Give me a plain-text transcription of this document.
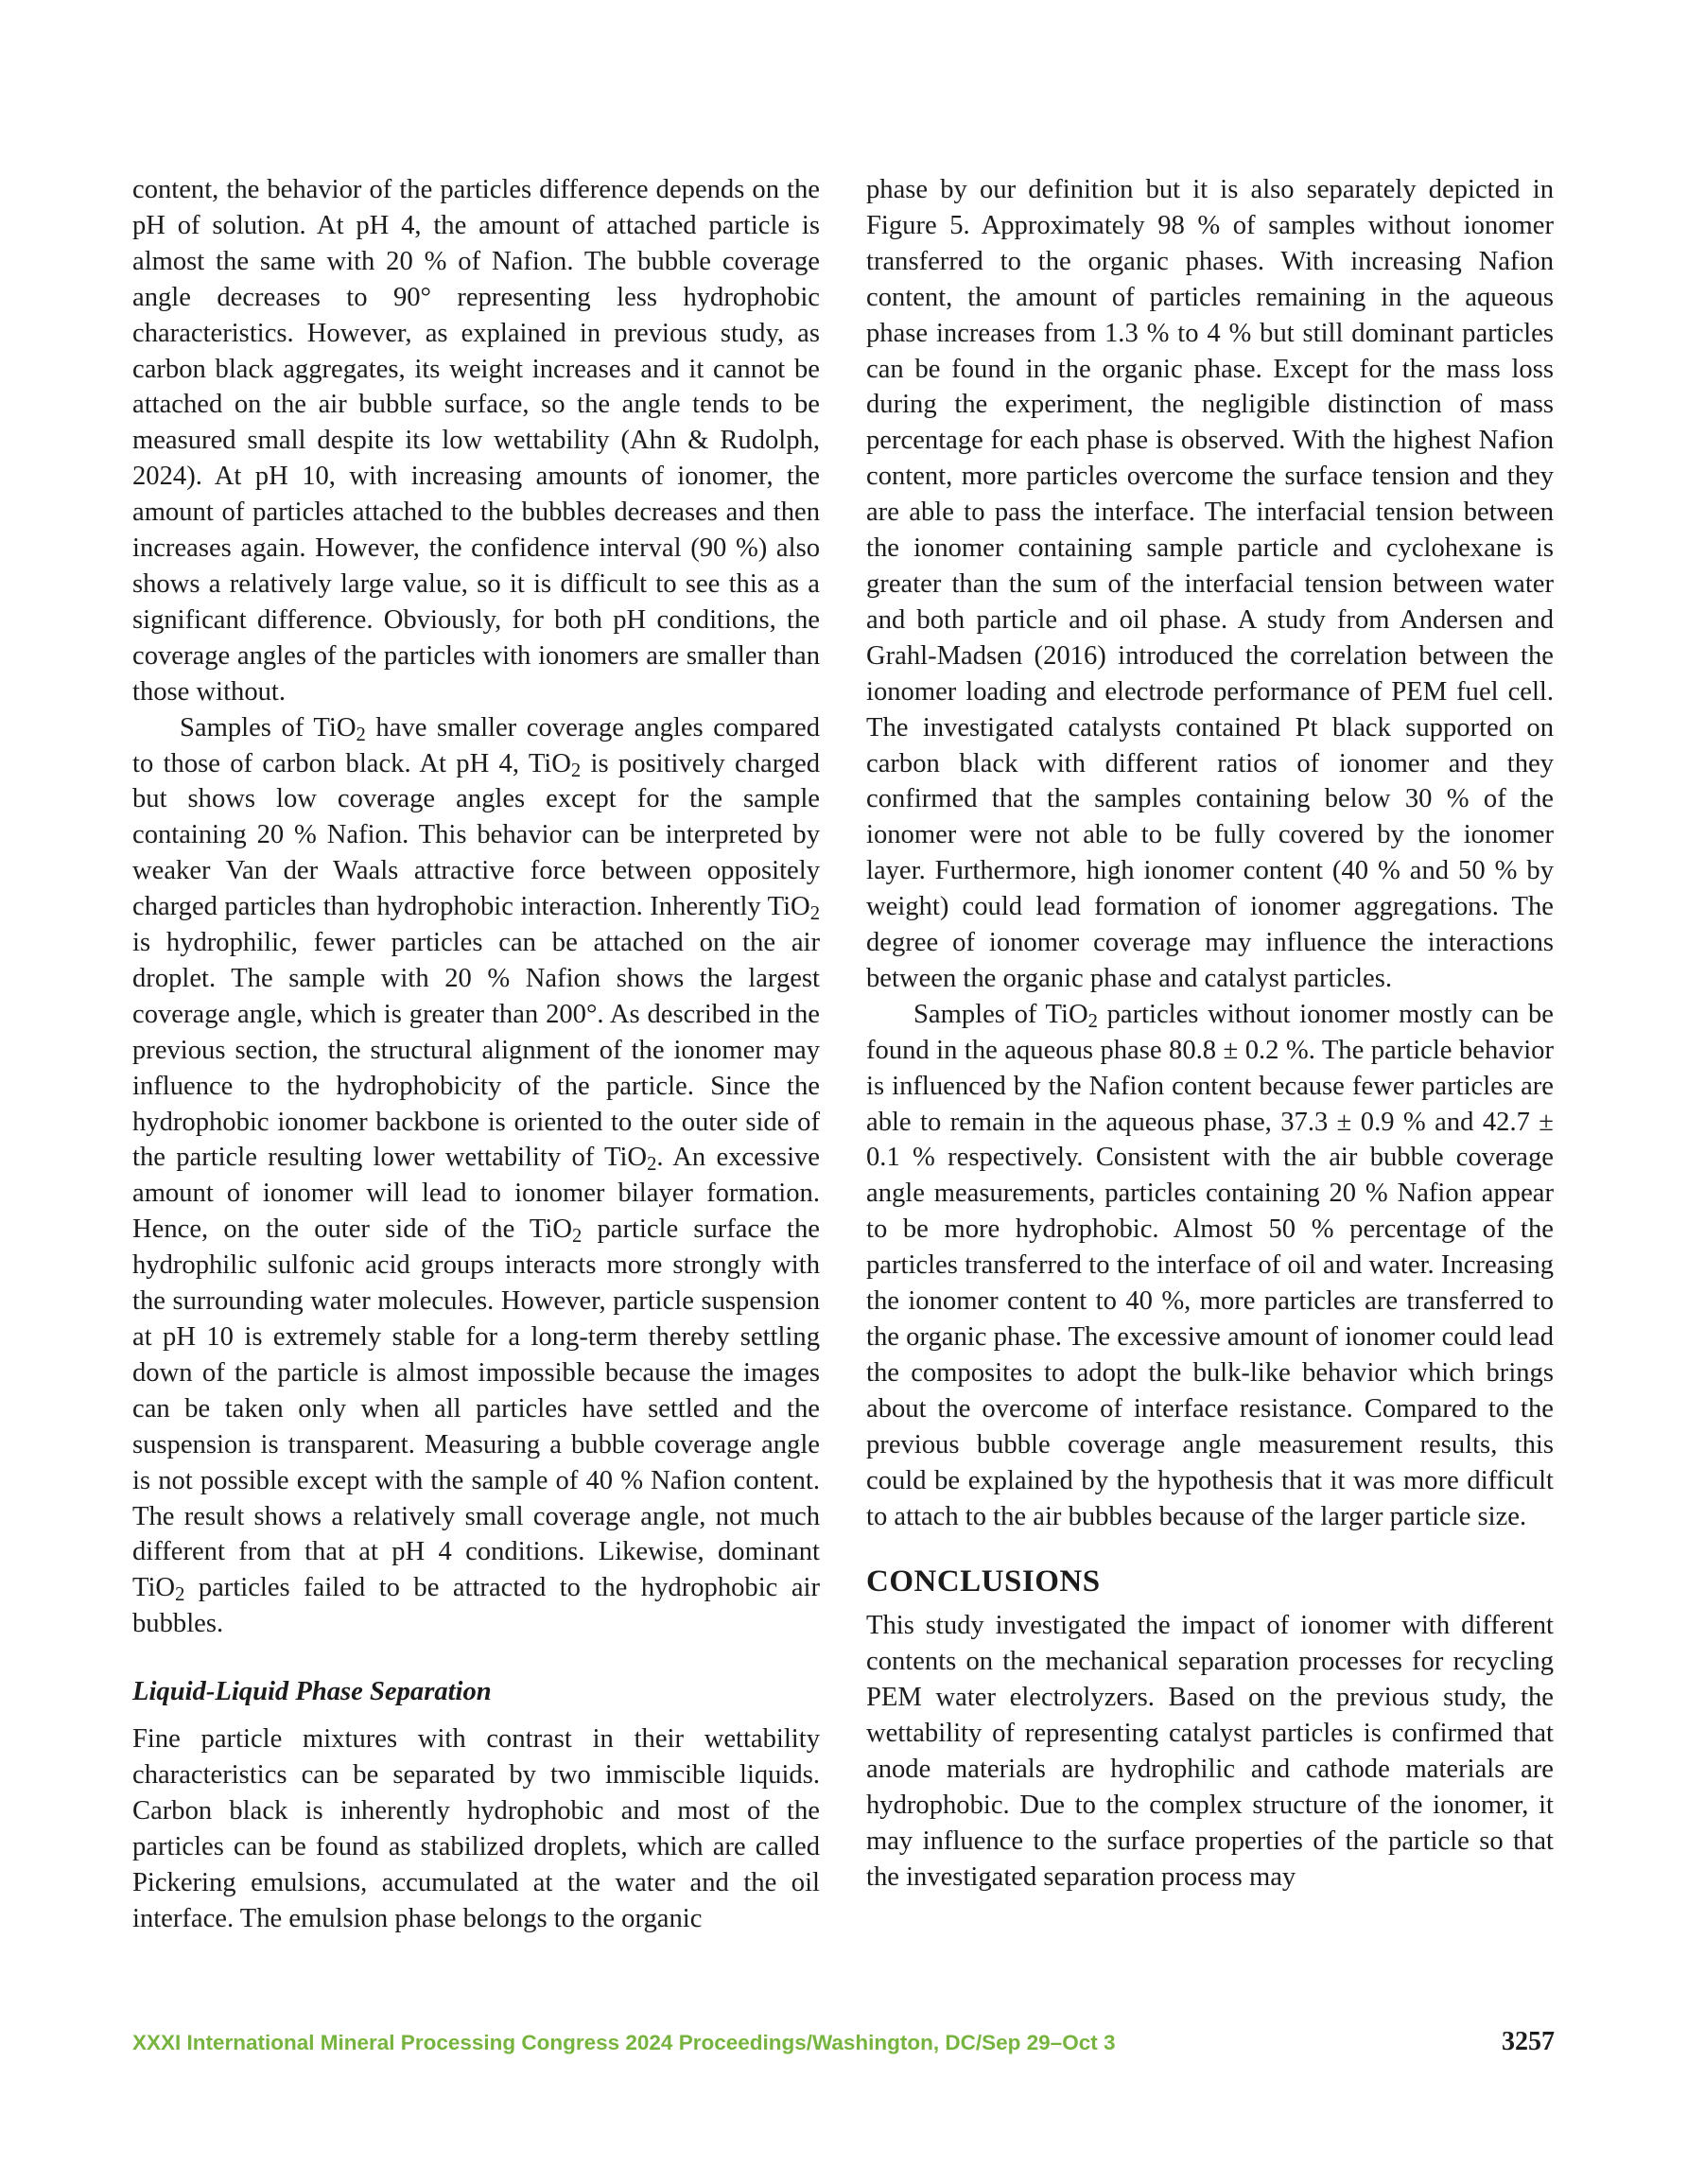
content, the behavior of the particles difference depends on the pH of solution. At pH 4, the amount of attached particle is almost the same with 20 % of Nafion. The bubble coverage angle decreases to 90° representing less hydrophobic characteristics. However, as explained in previous study, as carbon black aggregates, its weight increases and it cannot be attached on the air bubble surface, so the angle tends to be measured small despite its low wettability (Ahn & Rudolph, 2024). At pH 10, with increasing amounts of ionomer, the amount of particles attached to the bubbles decreases and then increases again. However, the confidence interval (90 %) also shows a relatively large value, so it is difficult to see this as a significant difference. Obviously, for both pH conditions, the coverage angles of the particles with ionomers are smaller than those without.

Samples of TiO$_2$ have smaller coverage angles compared to those of carbon black. At pH 4, TiO$_2$ is positively charged but shows low coverage angles except for the sample containing 20 % Nafion. This behavior can be interpreted by weaker Van der Waals attractive force between oppositely charged particles than hydrophobic interaction. Inherently TiO$_2$ is hydrophilic, fewer particles can be attached on the air droplet. The sample with 20 % Nafion shows the largest coverage angle, which is greater than 200°. As described in the previous section, the structural alignment of the ionomer may influence to the hydrophobicity of the particle. Since the hydrophobic ionomer backbone is oriented to the outer side of the particle resulting lower wettability of TiO$_2$. An excessive amount of ionomer will lead to ionomer bilayer formation. Hence, on the outer side of the TiO$_2$ particle surface the hydrophilic sulfonic acid groups interacts more strongly with the surrounding water molecules. However, particle suspension at pH 10 is extremely stable for a long-term thereby settling down of the particle is almost impossible because the images can be taken only when all particles have settled and the suspension is transparent. Measuring a bubble coverage angle is not possible except with the sample of 40 % Nafion content. The result shows a relatively small coverage angle, not much different from that at pH 4 conditions. Likewise, dominant TiO$_2$ particles failed to be attracted to the hydrophobic air bubbles.

Liquid-Liquid Phase Separation

Fine particle mixtures with contrast in their wettability characteristics can be separated by two immiscible liquids. Carbon black is inherently hydrophobic and most of the particles can be found as stabilized droplets, which are called Pickering emulsions, accumulated at the water and the oil interface. The emulsion phase belongs to the organic

phase by our definition but it is also separately depicted in Figure 5. Approximately 98 % of samples without ionomer transferred to the organic phases. With increasing Nafion content, the amount of particles remaining in the aqueous phase increases from 1.3 % to 4 % but still dominant particles can be found in the organic phase. Except for the mass loss during the experiment, the negligible distinction of mass percentage for each phase is observed. With the highest Nafion content, more particles overcome the surface tension and they are able to pass the interface. The interfacial tension between the ionomer containing sample particle and cyclohexane is greater than the sum of the interfacial tension between water and both particle and oil phase. A study from Andersen and Grahl-Madsen (2016) introduced the correlation between the ionomer loading and electrode performance of PEM fuel cell. The investigated catalysts contained Pt black supported on carbon black with different ratios of ionomer and they confirmed that the samples containing below 30 % of the ionomer were not able to be fully covered by the ionomer layer. Furthermore, high ionomer content (40 % and 50 % by weight) could lead formation of ionomer aggregations. The degree of ionomer coverage may influence the interactions between the organic phase and catalyst particles.

Samples of TiO$_2$ particles without ionomer mostly can be found in the aqueous phase 80.8 ± 0.2 %. The particle behavior is influenced by the Nafion content because fewer particles are able to remain in the aqueous phase, 37.3 ± 0.9 % and 42.7 ± 0.1 % respectively. Consistent with the air bubble coverage angle measurements, particles containing 20 % Nafion appear to be more hydrophobic. Almost 50 % percentage of the particles transferred to the interface of oil and water. Increasing the ionomer content to 40 %, more particles are transferred to the organic phase. The excessive amount of ionomer could lead the composites to adopt the bulk-like behavior which brings about the overcome of interface resistance. Compared to the previous bubble coverage angle measurement results, this could be explained by the hypothesis that it was more difficult to attach to the air bubbles because of the larger particle size.

CONCLUSIONS

This study investigated the impact of ionomer with different contents on the mechanical separation processes for recycling PEM water electrolyzers. Based on the previous study, the wettability of representing catalyst particles is confirmed that anode materials are hydrophilic and cathode materials are hydrophobic. Due to the complex structure of the ionomer, it may influence to the surface properties of the particle so that the investigated separation process may

XXXI International Mineral Processing Congress 2024 Proceedings/Washington, DC/Sep 29–Oct 3	3257
